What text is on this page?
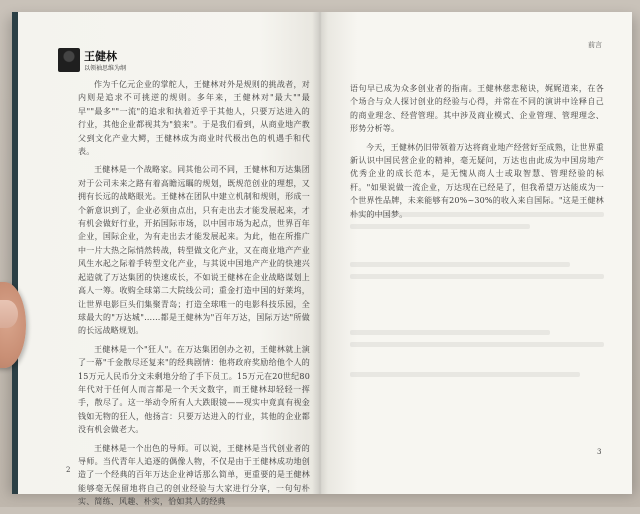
王健林
以领袖思维为纲

作为千亿元企业的掌舵人，王健林对外是规则的挑战者，对内则是追求不可挑逆的规则。多年来，王健林对"最大""最早""最多""一流"的追求和执着近乎于其他人，只要万达进入的行业，其他企业都视其为"狼来"。于是我们看到，从商业地产教父到文化产业大鳄，王健林成为商业时代极出色的机遇手和代表。

王健林是一个战略家。同其他公司不同，王健林和万达集团对于公司未来之路有着高瞻远瞩的规划，既规范创业的理想，又拥有长远的战略眼光。王健林在团队中建立机制和规则，形成一个新意识到了，企业必须由点出，只有走出去才能发展起来，才有机会做好行业，开拓国际市场，以中国市场为起点，世界百年企业，国际企业，为有走出去才能发展起来。为此，他在所推广中一片大热之际悄然转战，转型做文化产业，又在商业地产产业风生水起之际着手转型文化产业，与其说中国地产产业的快速兴起造就了万达集团的快速成长，不如说王健林在企业战略谋划上高人一筹。收购全球第二大院线公司；重金打造中国的好莱坞，让世界电影巨头们集聚青岛；打造全球唯一的电影科技乐园，全球最大的"万达城"……都是王健林为"百年万达，国际万达"所做的长远战略规划。

王健林是一个"狂人"。在万达集团创办之初，王健林就上演了一幕"千金散尽还复来"的经典剧情：他将政府奖励给他个人的15万元人民币分文未剩地分给了手下员工。15万元在20世纪80年代对于任何人而言都是一个天文数字，而王健林却轻轻一挥手，散尽了。这一举动令所有人大跌眼镜——现实中竟真有视金钱如无物的狂人，他扬言：只要万达进入的行业，其他的企业都没有机会做老大。

王健林是一个出色的导师。可以说，王健林是当代创业者的导师。当代青年人追逐的偶像人物，不仅是由于王健林成功地创造了一个经典的百年万达企业神话那么简单，更重要的是王健林能够毫无保留地将自己的创业经验与大家进行分享，一句句朴实、简练、风趣、朴实，恰如其人的经典

2
前言

语句早已成为众多创业者的指南。王健林慈悲秘诀，娓娓道来，在各个场合与众人探讨创业的经验与心得，并常在不同的演讲中诠释自己的商业理念、经营管理。其中涉及商业模式、企业管理、管理理念、形势分析等。

今天，王健林仍旧带领着万达将商业地产经营好至成熟，让世界重新认识中国民营企业的精神，毫无疑问，万达也由此成为中国房地产优秀企业的成长范本，是无愧从商人士或取智慧、管理经验的标杆。"如果说做一流企业，万达现在已经是了，但我希望万达能成为一个世界性品牌，未来能够有20%~30%的收入来自国际。"这是王健林朴实的中国梦。

3
